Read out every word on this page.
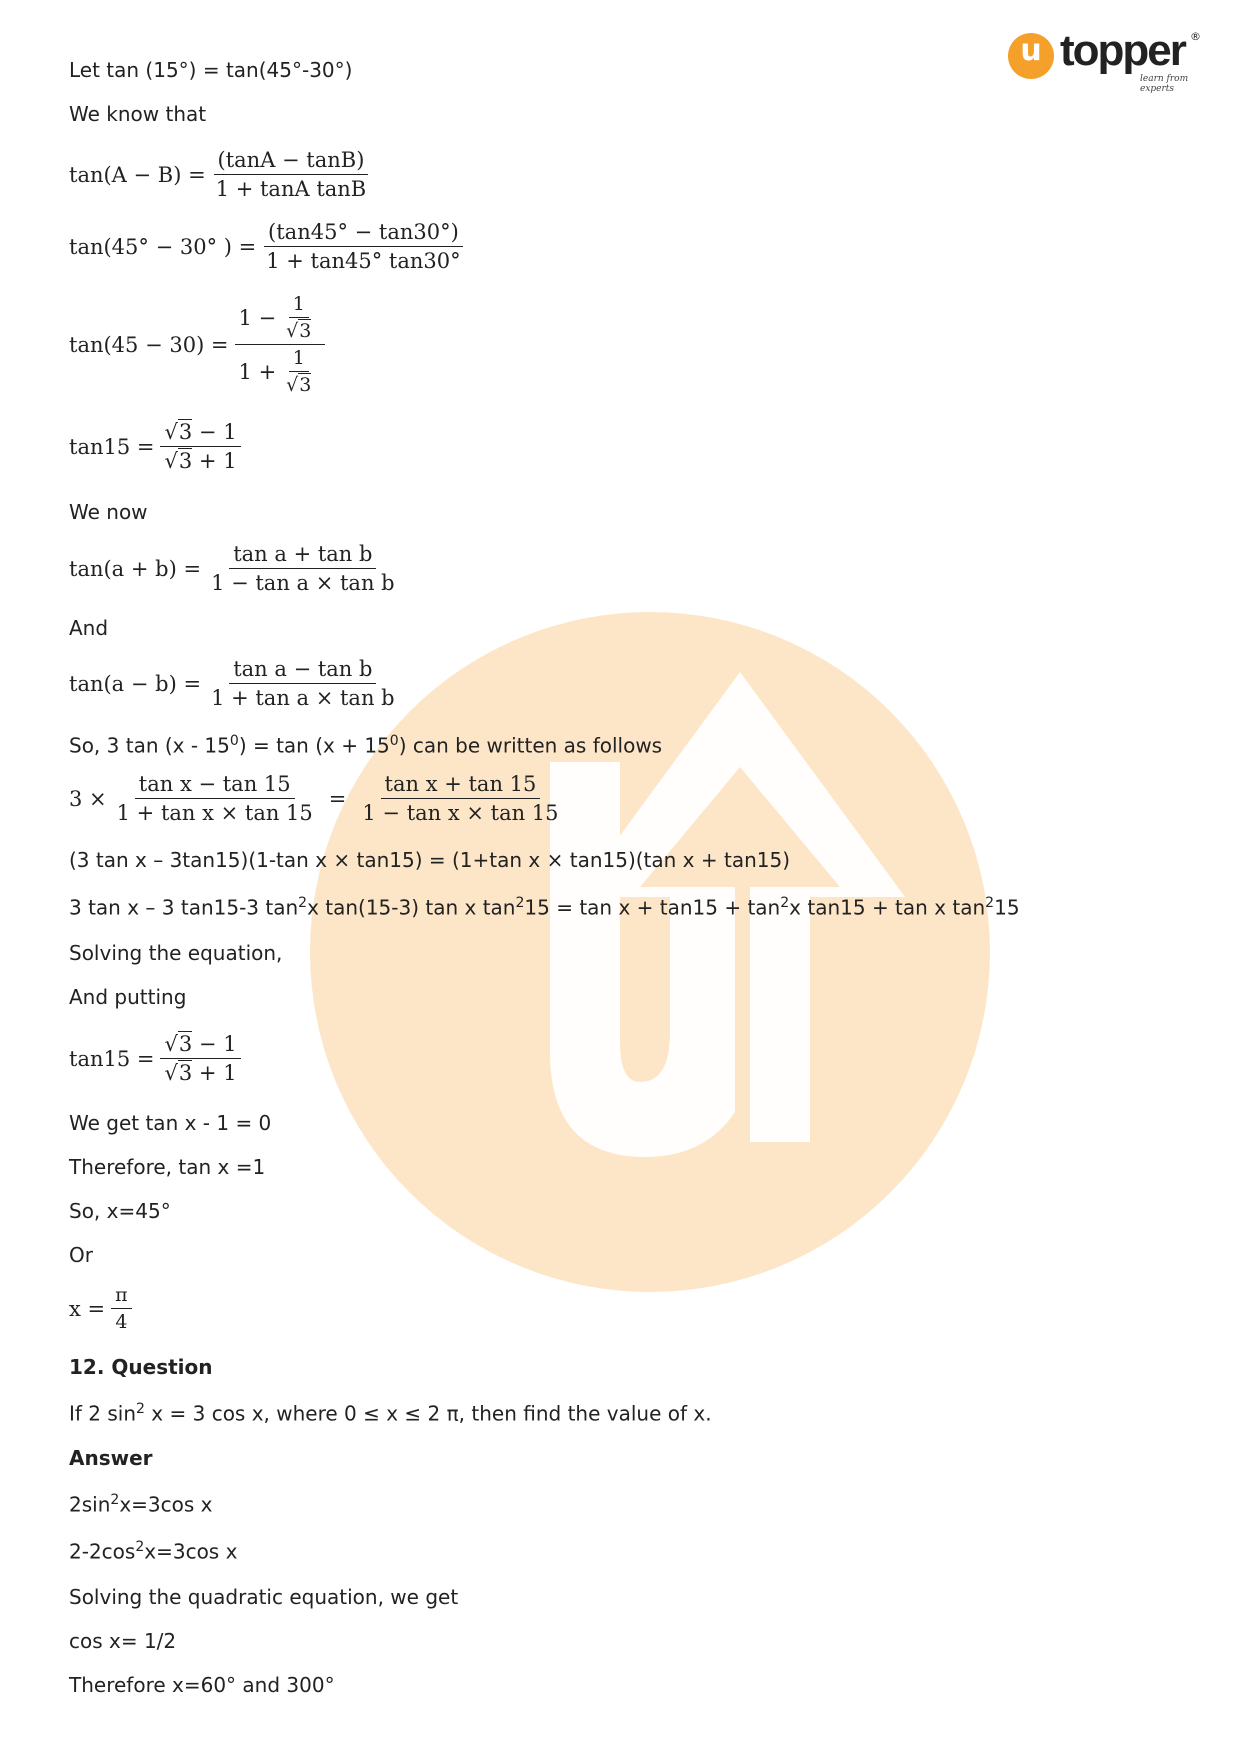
u topper ®
learn from experts
Let tan (15°) = tan(45°-30°)
We know that
$\tan(A - B) = \frac{(\tan A - \tan B)}{\text{1 + tanA tanB}}$
tan(45° − 30° ) = $\frac{(\tan 45^\circ - \tan 30^\circ)}{1 + \tan 45^\circ \tan 30^\circ}$
$\tan(45 - 30) = \frac{1 - \frac{1}{√3}}{1 + \frac{1}{√3}}$
$\tan 15 = \frac{√3 - 1}{√3 + 1}$
We now
$\tan(a + b) = \frac{\text{tan a + tan b}}{\text{1 − tan a × tan b}}$
And
$\tan(a - b) = \frac{\text{tan a − tan b}}{\text{1 + tan a × tan b}}$
So, 3 $\tan (x - 15^0) = \tan (x + 15^0)$ can be written as follows
$3 \times \frac{\text{tan x − tan 15}}{\text{1 + tan x × tan 15}} = \frac{\text{tan x + tan 15}}{\text{1 − tan x × tan 15}}$
(3 tan x – 3tan15)(1-tan x × tan15) = (1+tan x × tan15)(tan x + tan15)
3 tan x – 3 tan15-3 $\tan^2x$ tan(15-3) tan x $\tan^215 = \tan x + \tan 15 + \tan^2x$ tan15 + tan x $\tan^215$
Solving the equation,
And putting
$\tan 15 = \frac{√3 - 1}{√3 + 1}$
We get tan x - 1 = 0
Therefore, tan x =1
So, x=45°
Or
$x = \frac{\pi}{4}$
12. Question
If 2 $\sin^2 x = 3$ cos x, where 0 ≤ x ≤ 2 π, then find the value of x.
Answer
$2\sin^2x=3\cos$ x
$2-2\cos^2x=3\cos$ x
Solving the quadratic equation, we get
cos x= 1/2
Therefore x=60° and 300°
